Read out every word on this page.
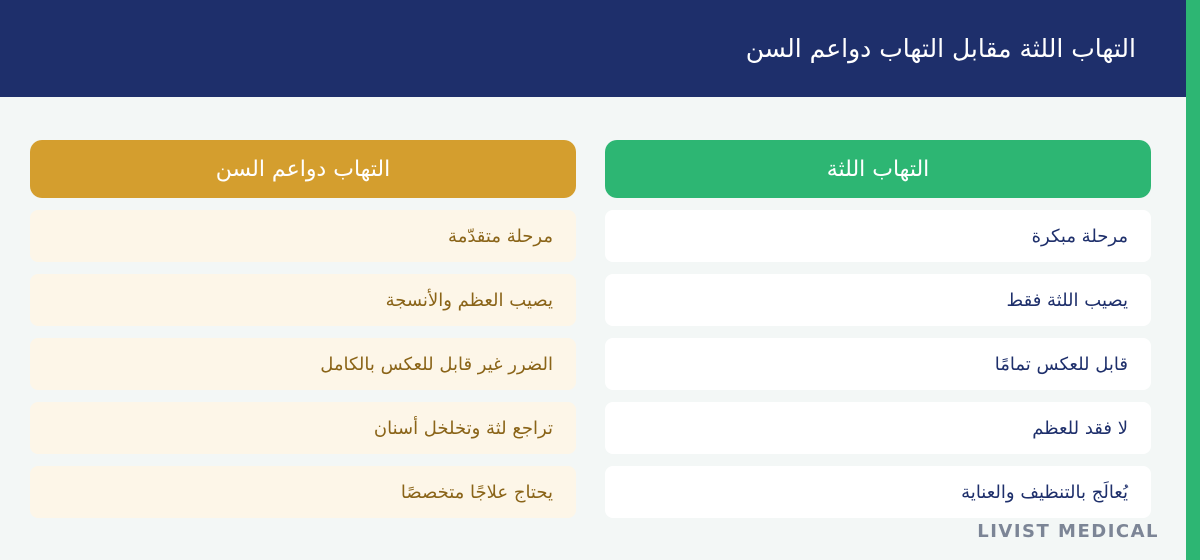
التهاب اللثة مقابل التهاب دواعم السن
التهاب اللثة
مرحلة مبكرة
يصيب اللثة فقط
قابل للعكس تمامًا
لا فقد للعظم
يُعالَج بالتنظيف والعناية
التهاب دواعم السن
مرحلة متقدّمة
يصيب العظم والأنسجة
الضرر غير قابل للعكس بالكامل
تراجع لثة وتخلخل أسنان
يحتاج علاجًا متخصصًا
LIVIST MEDICAL
